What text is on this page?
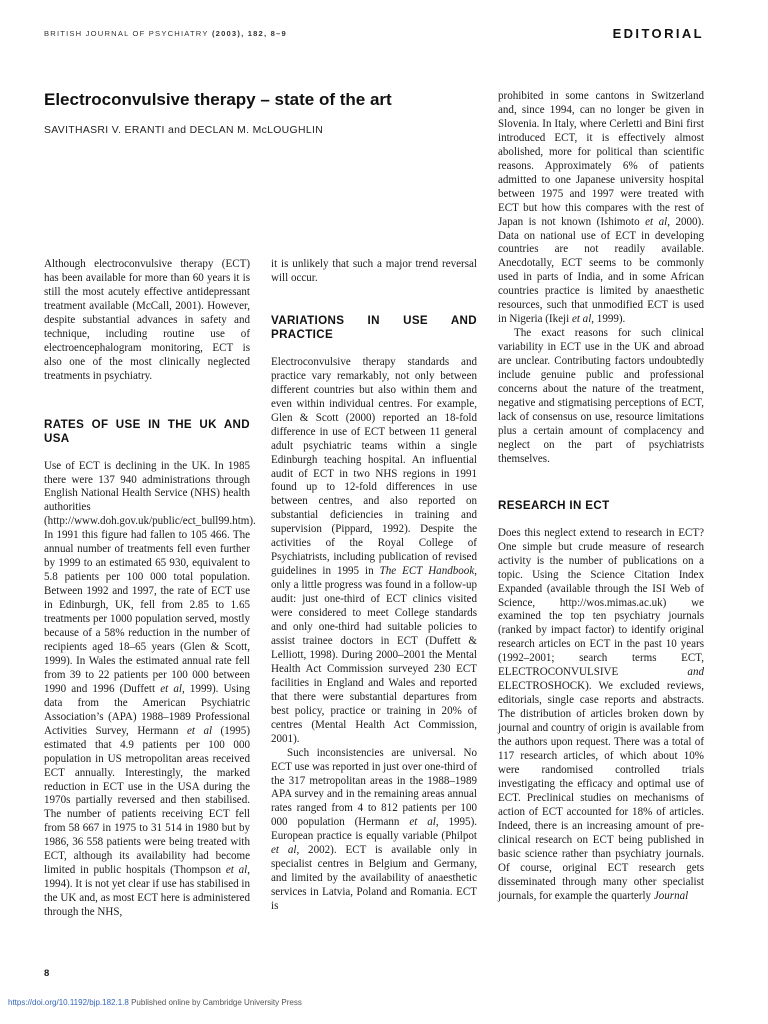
BRITISH JOURNAL OF PSYCHIATRY (2003), 182, 8–9	EDITORIAL
Electroconvulsive therapy – state of the art
SAVITHASRI V. ERANTI and DECLAN M. McLOUGHLIN

Although electroconvulsive therapy (ECT) has been available for more than 60 years it is still the most acutely effective antidepressant treatment available (McCall, 2001). However, despite substantial advances in safety and technique, including routine use of electroencephalogram monitoring, ECT is also one of the most clinically neglected treatments in psychiatry.

RATES OF USE IN THE UK AND USA

Use of ECT is declining in the UK. In 1985 there were 137 940 administrations through English National Health Service (NHS) health authorities (http://www.doh.gov.uk/public/ect_bull99.htm). In 1991 this figure had fallen to 105 466. The annual number of treatments fell even further by 1999 to an estimated 65 930, equivalent to 5.8 patients per 100 000 total population. Between 1992 and 1997, the rate of ECT use in Edinburgh, UK, fell from 2.85 to 1.65 treatments per 1000 population served, mostly because of a 58% reduction in the number of recipients aged 18–65 years (Glen & Scott, 1999). In Wales the estimated annual rate fell from 39 to 22 patients per 100 000 between 1990 and 1996 (Duffett et al, 1999). Using data from the American Psychiatric Association’s (APA) 1988–1989 Professional Activities Survey, Hermann et al (1995) estimated that 4.9 patients per 100 000 population in US metropolitan areas received ECT annually. Interestingly, the marked reduction in ECT use in the USA during the 1970s partially reversed and then stabilised. The number of patients receiving ECT fell from 58 667 in 1975 to 31 514 in 1980 but by 1986, 36 558 patients were being treated with ECT, although its availability had become limited in public hospitals (Thompson et al, 1994). It is not yet clear if use has stabilised in the UK and, as most ECT here is administered through the NHS,

it is unlikely that such a major trend reversal will occur.

VARIATIONS IN USE AND PRACTICE

Electroconvulsive therapy standards and practice vary remarkably, not only between different countries but also within them and even within individual centres. For example, Glen & Scott (2000) reported an 18-fold difference in use of ECT between 11 general adult psychiatric teams within a single Edinburgh teaching hospital. An influential audit of ECT in two NHS regions in 1991 found up to 12-fold differences in use between centres, and also reported on substantial deficiencies in training and supervision (Pippard, 1992). Despite the activities of the Royal College of Psychiatrists, including publication of revised guidelines in 1995 in The ECT Handbook, only a little progress was found in a follow-up audit: just one-third of ECT clinics visited were considered to meet College standards and only one-third had suitable policies to assist trainee doctors in ECT (Duffett & Lelliott, 1998). During 2000–2001 the Mental Health Act Commission surveyed 230 ECT facilities in England and Wales and reported that there were substantial departures from best policy, practice or training in 20% of centres (Mental Health Act Commission, 2001).

Such inconsistencies are universal. No ECT use was reported in just over one-third of the 317 metropolitan areas in the 1988–1989 APA survey and in the remaining areas annual rates ranged from 4 to 812 patients per 100 000 population (Hermann et al, 1995). European practice is equally variable (Philpot et al, 2002). ECT is available only in specialist centres in Belgium and Germany, and limited by the availability of anaesthetic services in Latvia, Poland and Romania. ECT is

prohibited in some cantons in Switzerland and, since 1994, can no longer be given in Slovenia. In Italy, where Cerletti and Bini first introduced ECT, it is effectively almost abolished, more for political than scientific reasons. Approximately 6% of patients admitted to one Japanese university hospital between 1975 and 1997 were treated with ECT but how this compares with the rest of Japan is not known (Ishimoto et al, 2000). Data on national use of ECT in developing countries are not readily available. Anecdotally, ECT seems to be commonly used in parts of India, and in some African countries practice is limited by anaesthetic resources, such that unmodified ECT is used in Nigeria (Ikeji et al, 1999).

The exact reasons for such clinical variability in ECT use in the UK and abroad are unclear. Contributing factors undoubtedly include genuine public and professional concerns about the nature of the treatment, negative and stigmatising perceptions of ECT, lack of consensus on use, resource limitations plus a certain amount of complacency and neglect on the part of psychiatrists themselves.

RESEARCH IN ECT

Does this neglect extend to research in ECT? One simple but crude measure of research activity is the number of publications on a topic. Using the Science Citation Index Expanded (available through the ISI Web of Science, http://wos.mimas.ac.uk) we examined the top ten psychiatry journals (ranked by impact factor) to identify original research articles on ECT in the past 10 years (1992–2001; search terms ECT, ELECTROCONVULSIVE and ELECTROSHOCK). We excluded reviews, editorials, single case reports and abstracts. The distribution of articles broken down by journal and country of origin is available from the authors upon request. There was a total of 117 research articles, of which about 10% were randomised controlled trials investigating the efficacy and optimal use of ECT. Preclinical studies on mechanisms of action of ECT accounted for 18% of articles. Indeed, there is an increasing amount of preclinical research on ECT being published in basic science rather than psychiatry journals. Of course, original ECT research gets disseminated through many other specialist journals, for example the quarterly Journal

8
https://doi.org/10.1192/bjp.182.1.8 Published online by Cambridge University Press
